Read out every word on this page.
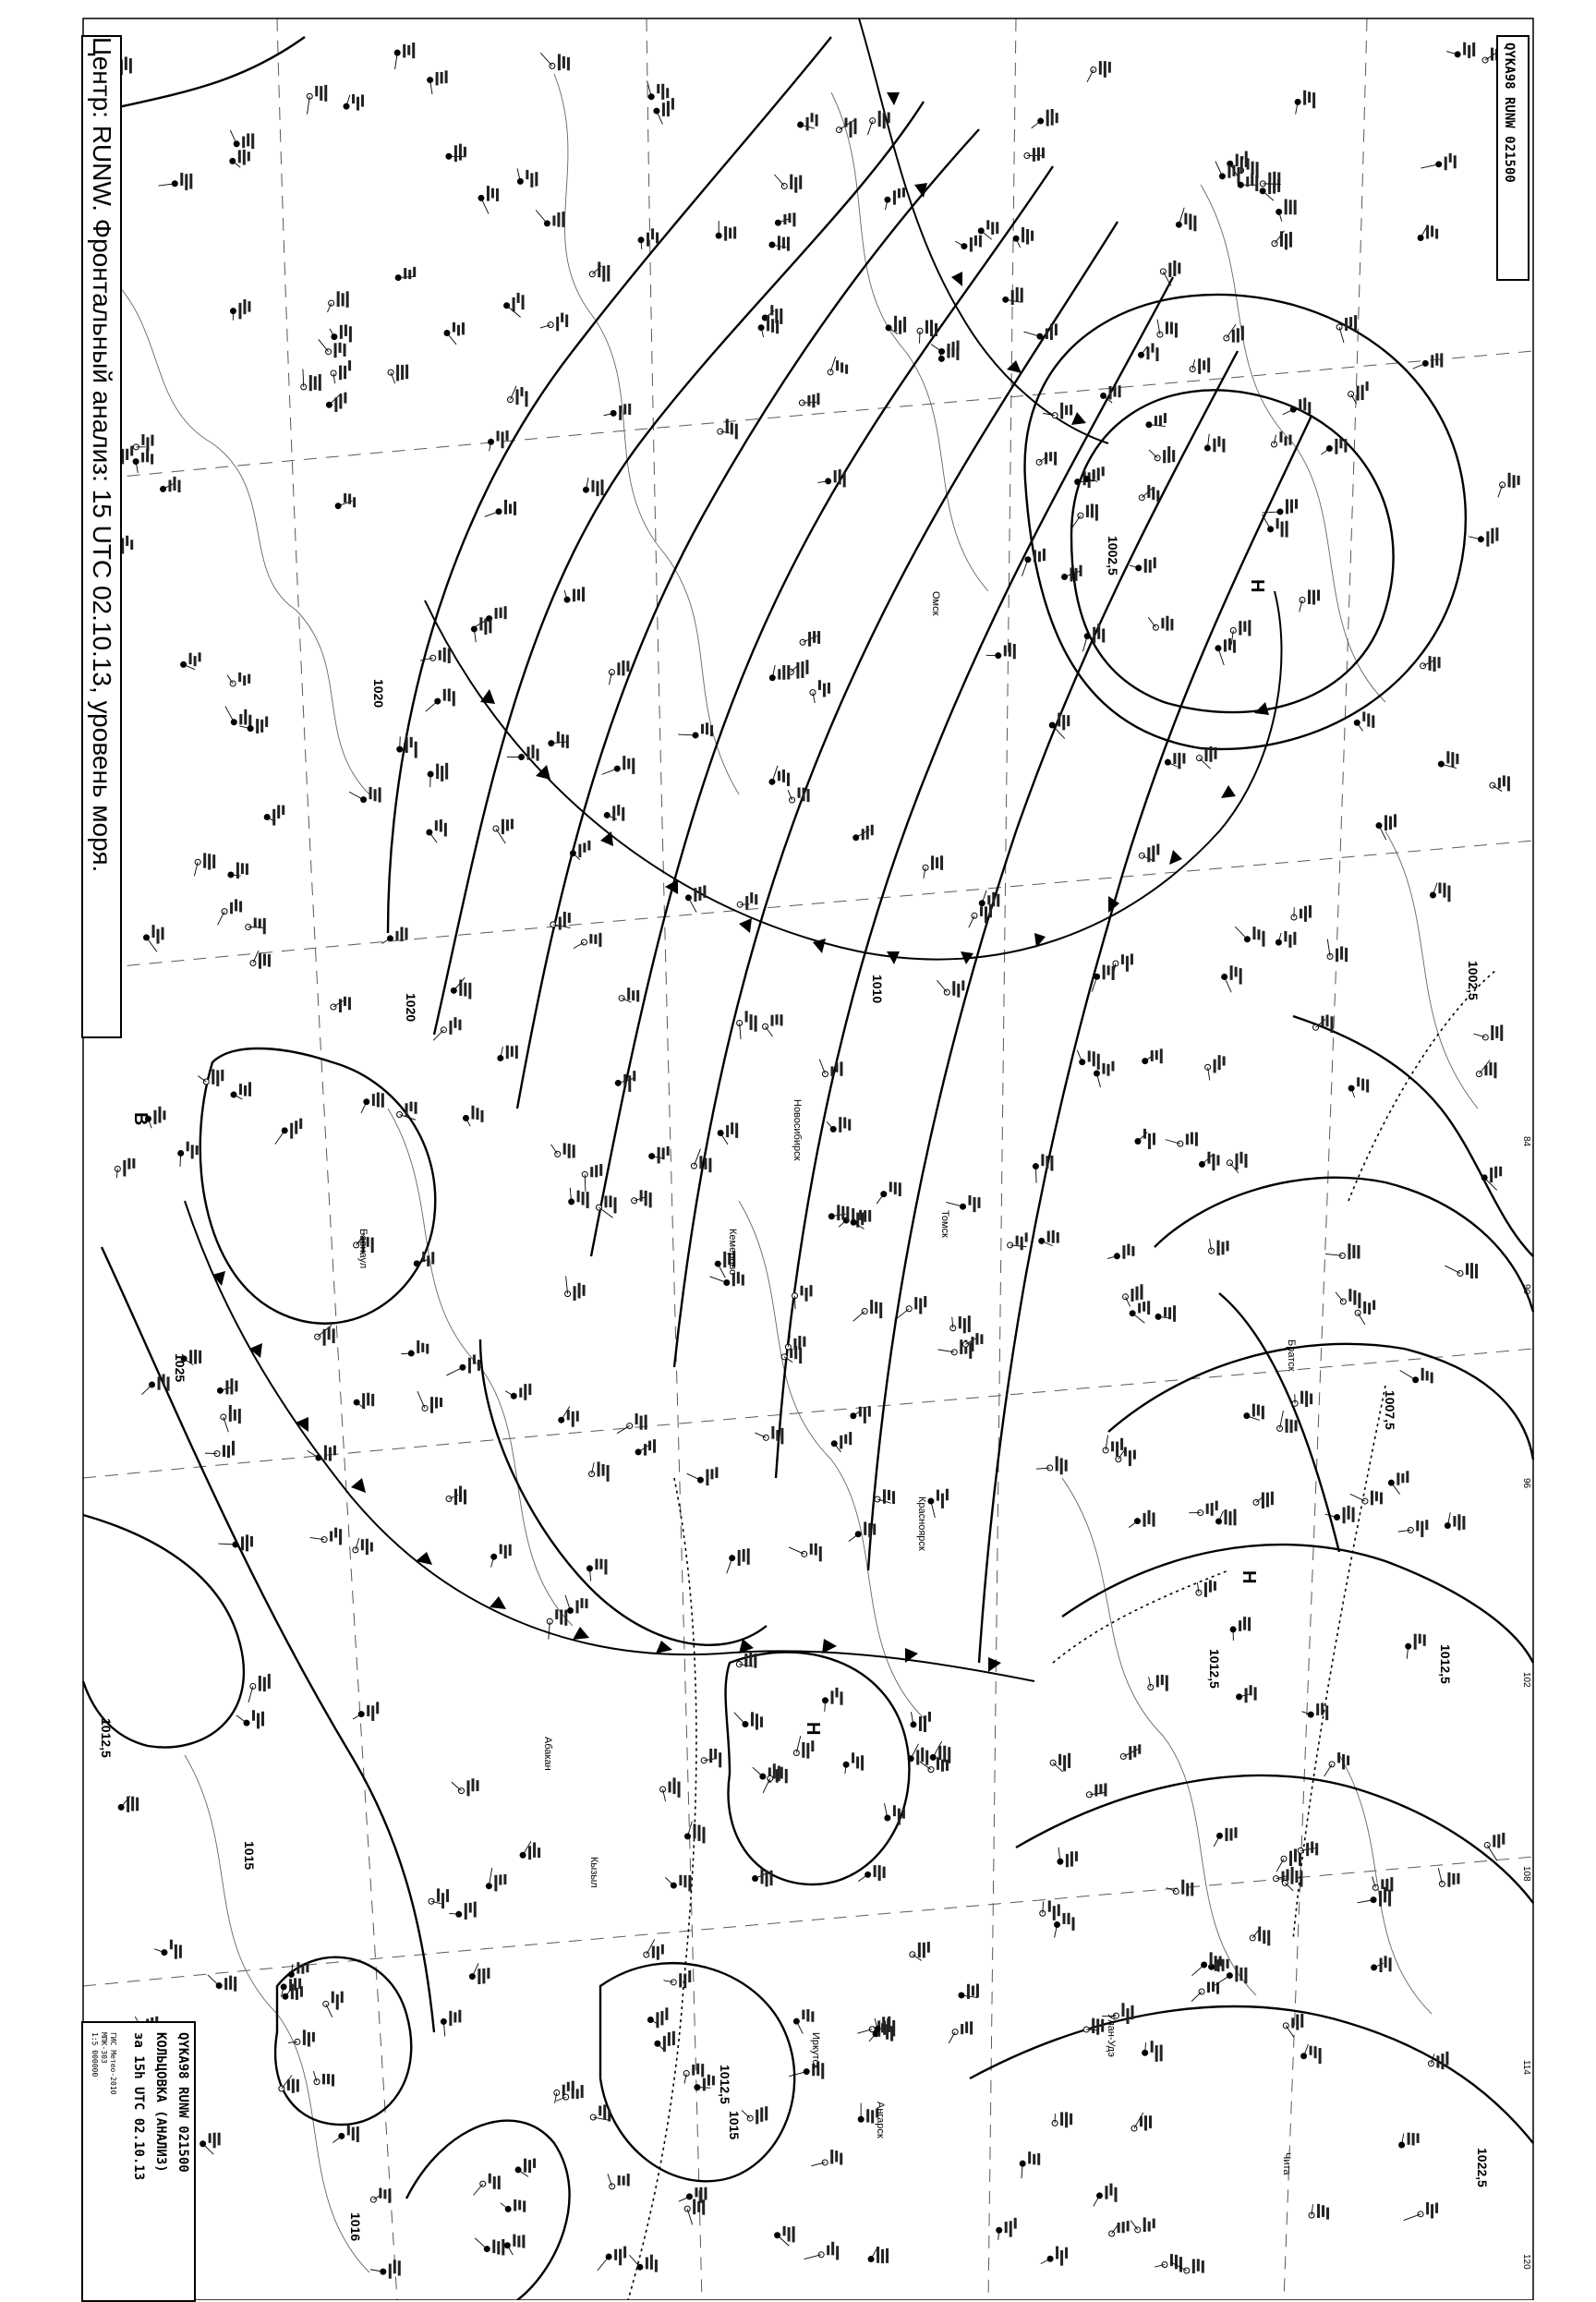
В
Н
Н
Н
1020
1020
1025
1015
1012,5
1012,5
1015
1016
1012,5
1002,5
1002,5
1007,5
1012,5
1010
1022,5
84
90
96
102
108
114
120
Омск
Барнаул
Новосибирск
Красноярск
Кемерово
Томск
Кызыл
Абакан
Иркутск
Чита
Улан-Удэ
Братск
Ангарск
Центр: RUNW. Фронтальный анализ: 15 UTC 02.10.13, уровень моря.	QYKA98 RUNW 021500
QYKA98 RUNW 021500
КОЛЬЦОВКА (АНАЛИЗ)
за 15h UTC 02.10.13
ГИС Метео-2010
МПК-303
1:5 000000
